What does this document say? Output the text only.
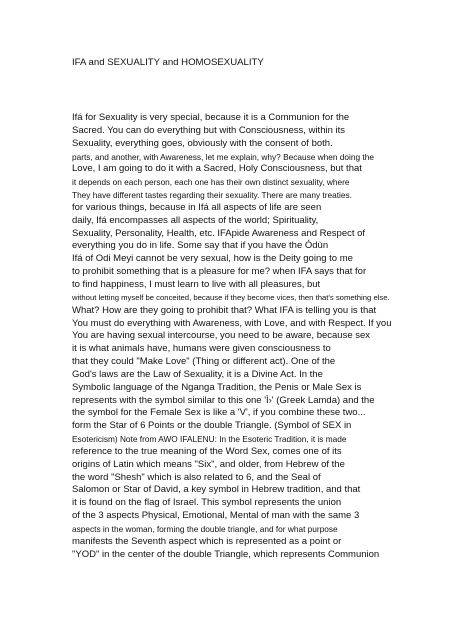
IFA and SEXUALITY and HOMOSEXUALITY
Ifá for Sexuality is very special, because it is a Communion for the
Sacred. You can do everything but with Consciousness, within its
Sexuality, everything goes, obviously with the consent of both.
parts, and another, with Awareness, let me explain, why? Because when doing the
Love, I am going to do it with a Sacred, Holy Consciousness, but that
it depends on each person, each one has their own distinct sexuality, where
They have different tastes regarding their sexuality. There are many treaties.
for various things, because in Ifá all aspects of life are seen
daily, Ifá encompasses all aspects of the world; Spirituality,
Sexuality, Personality, Health, etc. IFApide Awareness and Respect of
everything you do in life. Some say that if you have the Ódùn
Ifá of Odi Meyi cannot be very sexual, how is the Deity going to me
to prohibit something that is a pleasure for me? when IFA says that for
to find happiness, I must learn to live with all pleasures, but
without letting myself be conceited, because if they become vices, then that's something else.
What? How are they going to prohibit that? What IFA is telling you is that
You must do everything with Awareness, with Love, and with Respect. If you
You are having sexual intercourse, you need to be aware, because sex
it is what animals have, humans were given consciousness to
that they could "Make Love" (Thing or different act). One of the
God's laws are the Law of Sexuality, it is a Divine Act. In the
Symbolic language of the Nganga Tradition, the Penis or Male Sex is
represents with the symbol similar to this one 'Ì›' (Greek Lamda) and the
the symbol for the Female Sex is like a 'V', if you combine these two...
form the Star of 6 Points or the double Triangle. (Symbol of SEX in
Esotericism) Note from AWO IFALENU: In the Esoteric Tradition, it is made
reference to the true meaning of the Word Sex, comes one of its
origins of Latin which means "Six", and older, from Hebrew of the
the word "Shesh" which is also related to 6, and the Seal of
Salomon or Star of David, a key symbol in Hebrew tradition, and that
it is found on the flag of Israel. This symbol represents the union
of the 3 aspects Physical, Emotional, Mental of man with the same 3
aspects in the woman, forming the double triangle, and for what purpose
manifests the Seventh aspect which is represented as a point or
"YOD" in the center of the double Triangle, which represents Communion
